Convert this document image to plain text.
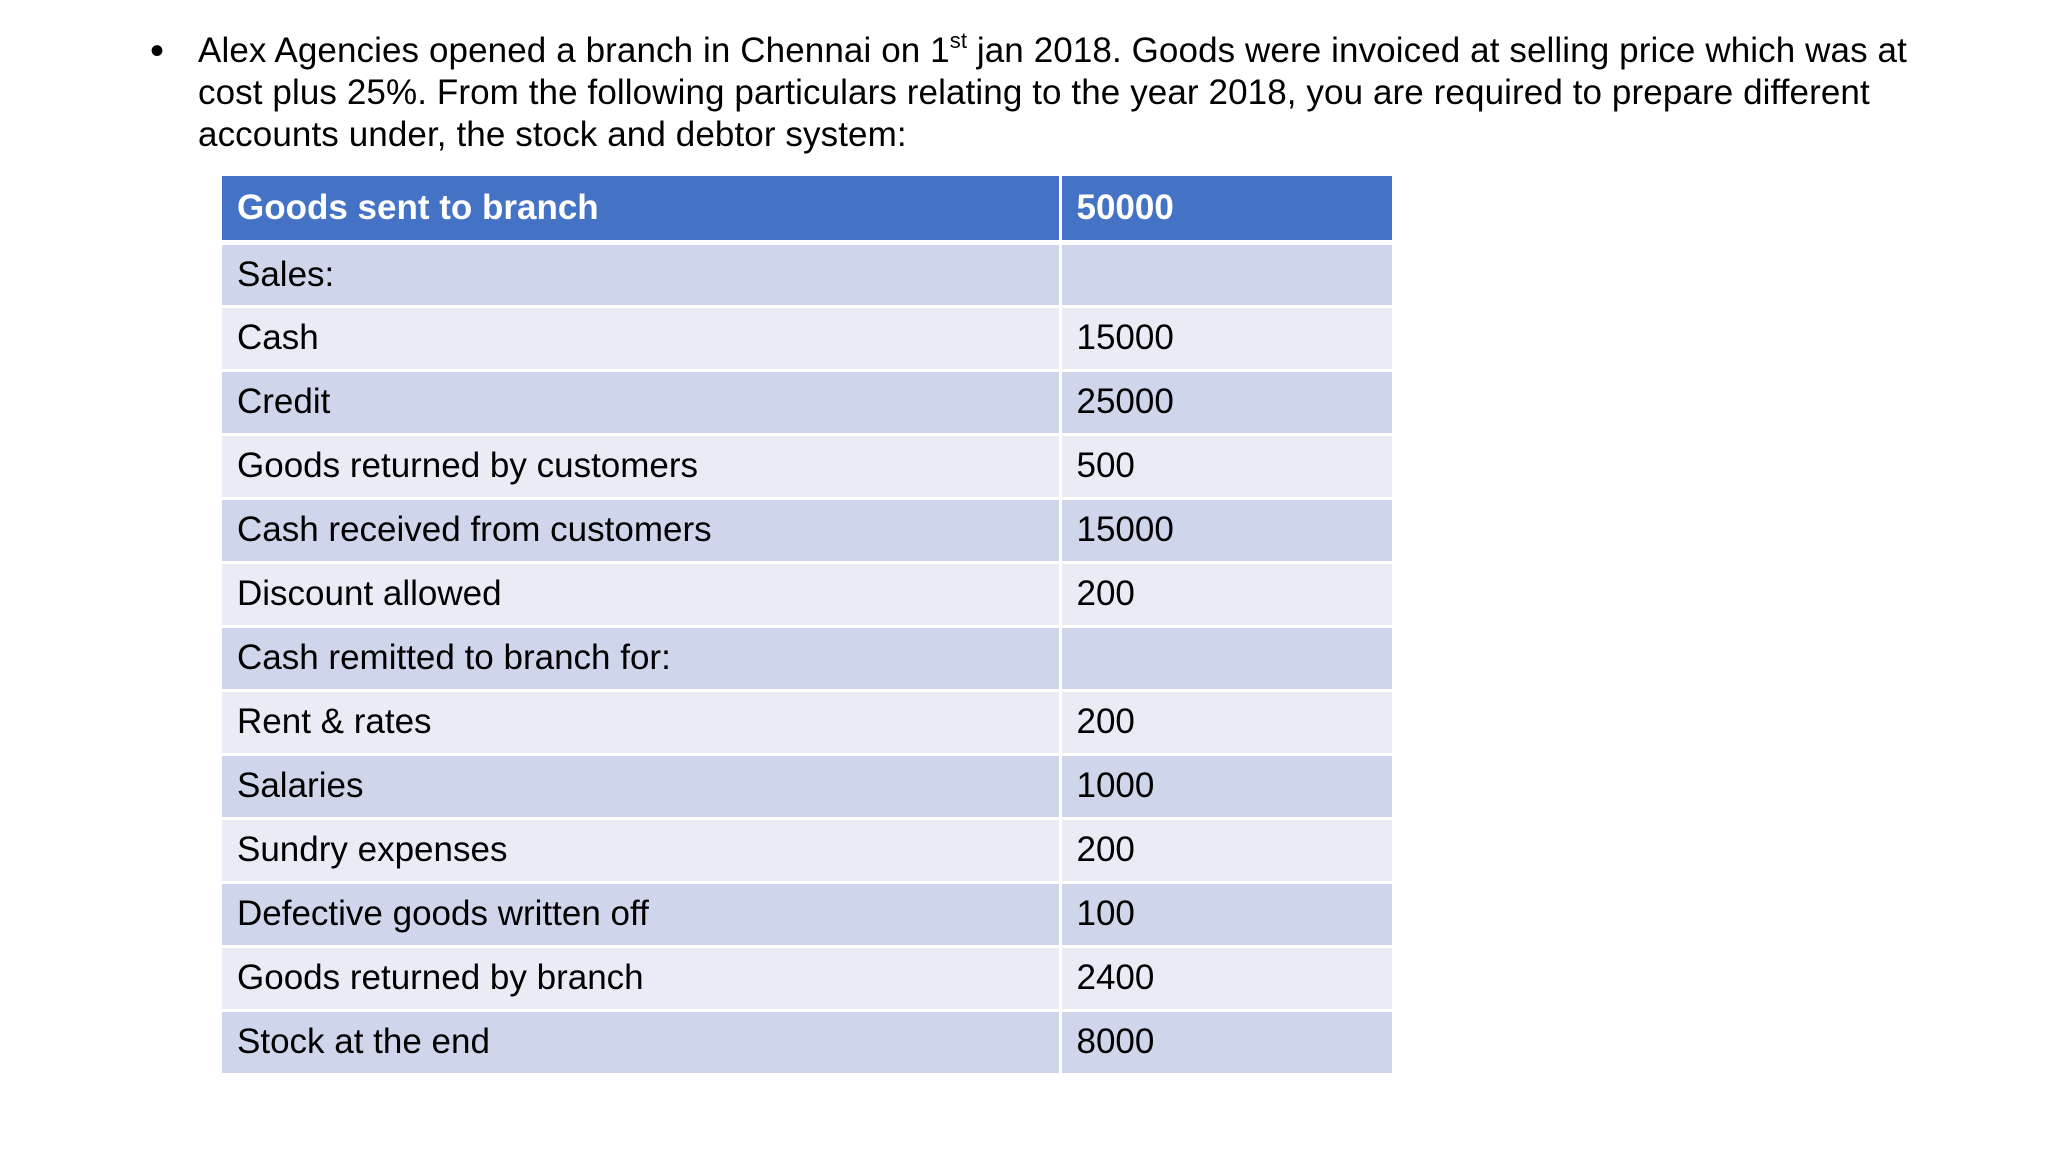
• Alex Agencies opened a branch in Chennai on 1st jan 2018. Goods were invoiced at selling price which was at cost plus 25%. From the following particulars relating to the year 2018, you are required to prepare different accounts under, the stock and debtor system:
Goods sent to branch	50000
Sales:	
Cash	15000
Credit	25000
Goods returned by customers	500
Cash received from customers	15000
Discount allowed	200
Cash remitted to branch for:	
Rent & rates	200
Salaries	1000
Sundry expenses	200
Defective goods written off	100
Goods returned by branch	2400
Stock at the end	8000
